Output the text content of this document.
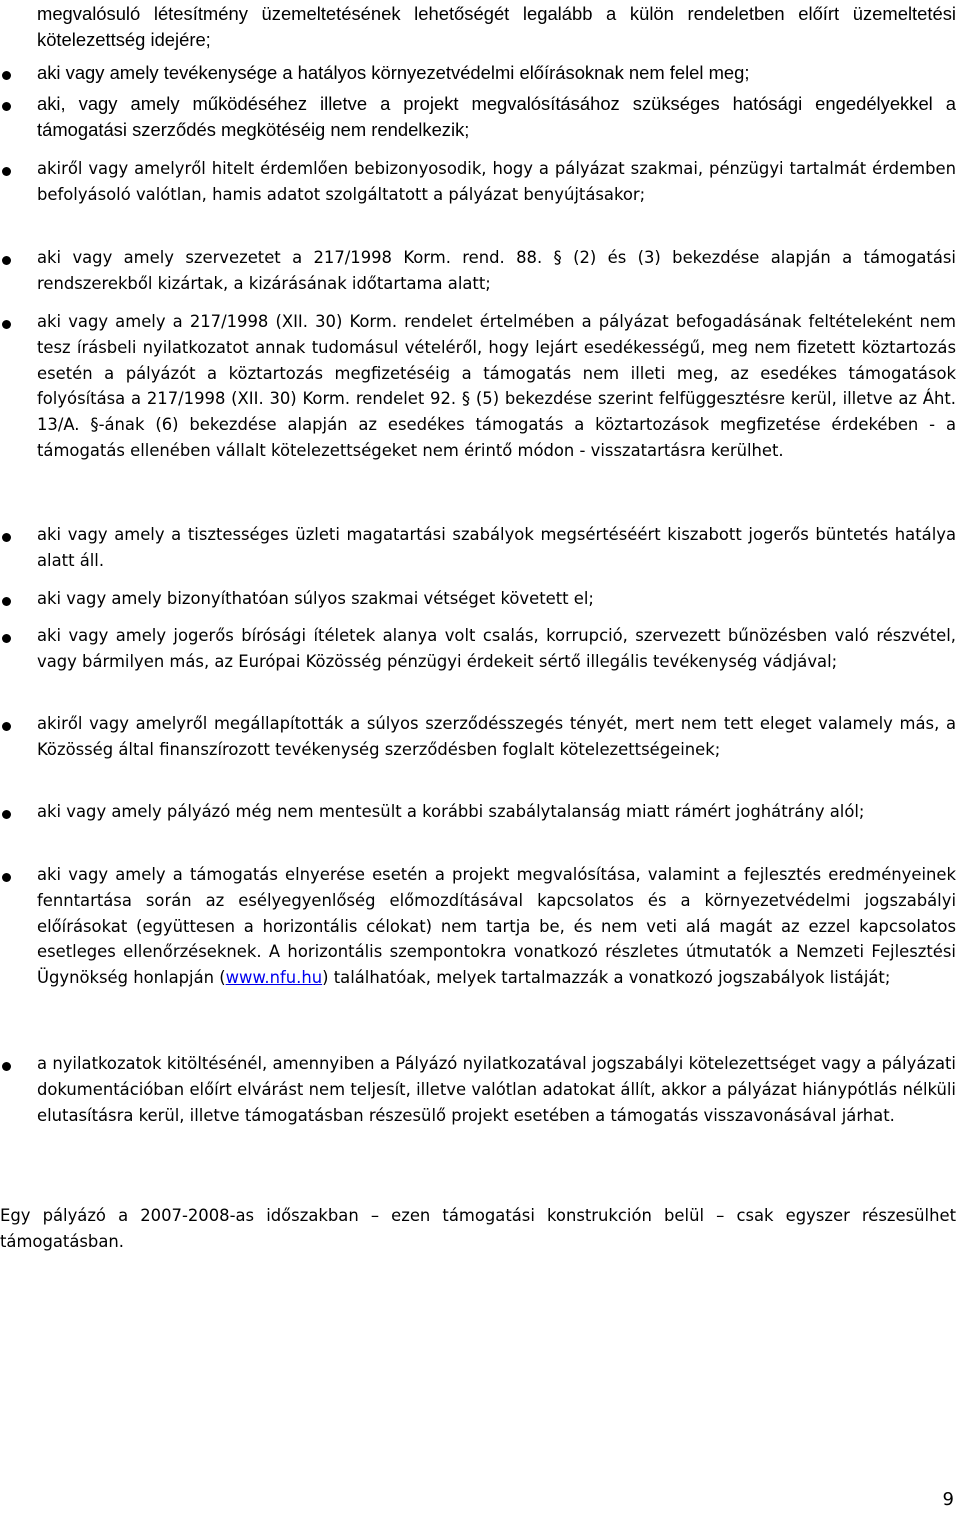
megvalósuló létesítmény üzemeltetésének lehetőségét legalább a külön rendeletben előírt üzemeltetési kötelezettség idejére;

aki vagy amely tevékenysége a hatályos környezetvédelmi előírásoknak nem felel meg;

aki, vagy amely működéséhez illetve a projekt megvalósításához szükséges hatósági engedélyekkel a támogatási szerződés megkötéséig nem rendelkezik;

akiről vagy amelyről hitelt érdemlően bebizonyosodik, hogy a pályázat szakmai, pénzügyi tartalmát érdemben befolyásoló valótlan, hamis adatot szolgáltatott a pályázat benyújtásakor;

aki vagy amely szervezetet a 217/1998 Korm. rend. 88. § (2) és (3) bekezdése alapján a támogatási rendszerekből kizártak, a kizárásának időtartama alatt;

aki vagy amely a 217/1998 (XII. 30) Korm. rendelet értelmében a pályázat befogadásának feltételeként nem tesz írásbeli nyilatkozatot annak tudomásul vételéről, hogy lejárt esedékességű, meg nem fizetett köztartozás esetén a pályázót a köztartozás megfizetéséig a támogatás nem illeti meg, az esedékes támogatások folyósítása a 217/1998 (XII. 30) Korm. rendelet 92. § (5) bekezdése szerint felfüggesztésre kerül, illetve az Áht. 13/A. §-ának (6) bekezdése alapján az esedékes támogatás a köztartozások megfizetése érdekében - a támogatás ellenében vállalt kötelezettségeket nem érintő módon - visszatartásra kerülhet.

aki vagy amely a tisztességes üzleti magatartási szabályok megsértéséért kiszabott jogerős büntetés hatálya alatt áll.

aki vagy amely bizonyíthatóan súlyos szakmai vétséget követett el;

aki vagy amely jogerős bírósági ítéletek alanya volt csalás, korrupció, szervezett bűnözésben való részvétel, vagy bármilyen más, az Európai Közösség pénzügyi érdekeit sértő illegális tevékenység vádjával;

akiről vagy amelyről megállapították a súlyos szerződésszegés tényét, mert nem tett eleget valamely más, a Közösség által finanszírozott tevékenység szerződésben foglalt kötelezettségeinek;

aki vagy amely pályázó még nem mentesült a korábbi szabálytalanság miatt rámért joghátrány alól;

aki vagy amely a támogatás elnyerése esetén a projekt megvalósítása, valamint a fejlesztés eredményeinek fenntartása során az esélyegyenlőség előmozdításával kapcsolatos és a környezetvédelmi jogszabályi előírásokat (együttesen a horizontális célokat) nem tartja be, és nem veti alá magát az ezzel kapcsolatos esetleges ellenőrzéseknek. A horizontális szempontokra vonatkozó részletes útmutatók a Nemzeti Fejlesztési Ügynökség honlapján (www.nfu.hu) találhatóak, melyek tartalmazzák a vonatkozó jogszabályok listáját;

a nyilatkozatok kitöltésénél, amennyiben a Pályázó nyilatkozatával jogszabályi kötelezettséget vagy a pályázati dokumentációban előírt elvárást nem teljesít, illetve valótlan adatokat állít, akkor a pályázat hiánypótlás nélküli elutasításra kerül, illetve támogatásban részesülő projekt esetében a támogatás visszavonásával járhat.

Egy pályázó a 2007-2008-as időszakban – ezen támogatási konstrukción belül – csak egyszer részesülhet támogatásban.

9
